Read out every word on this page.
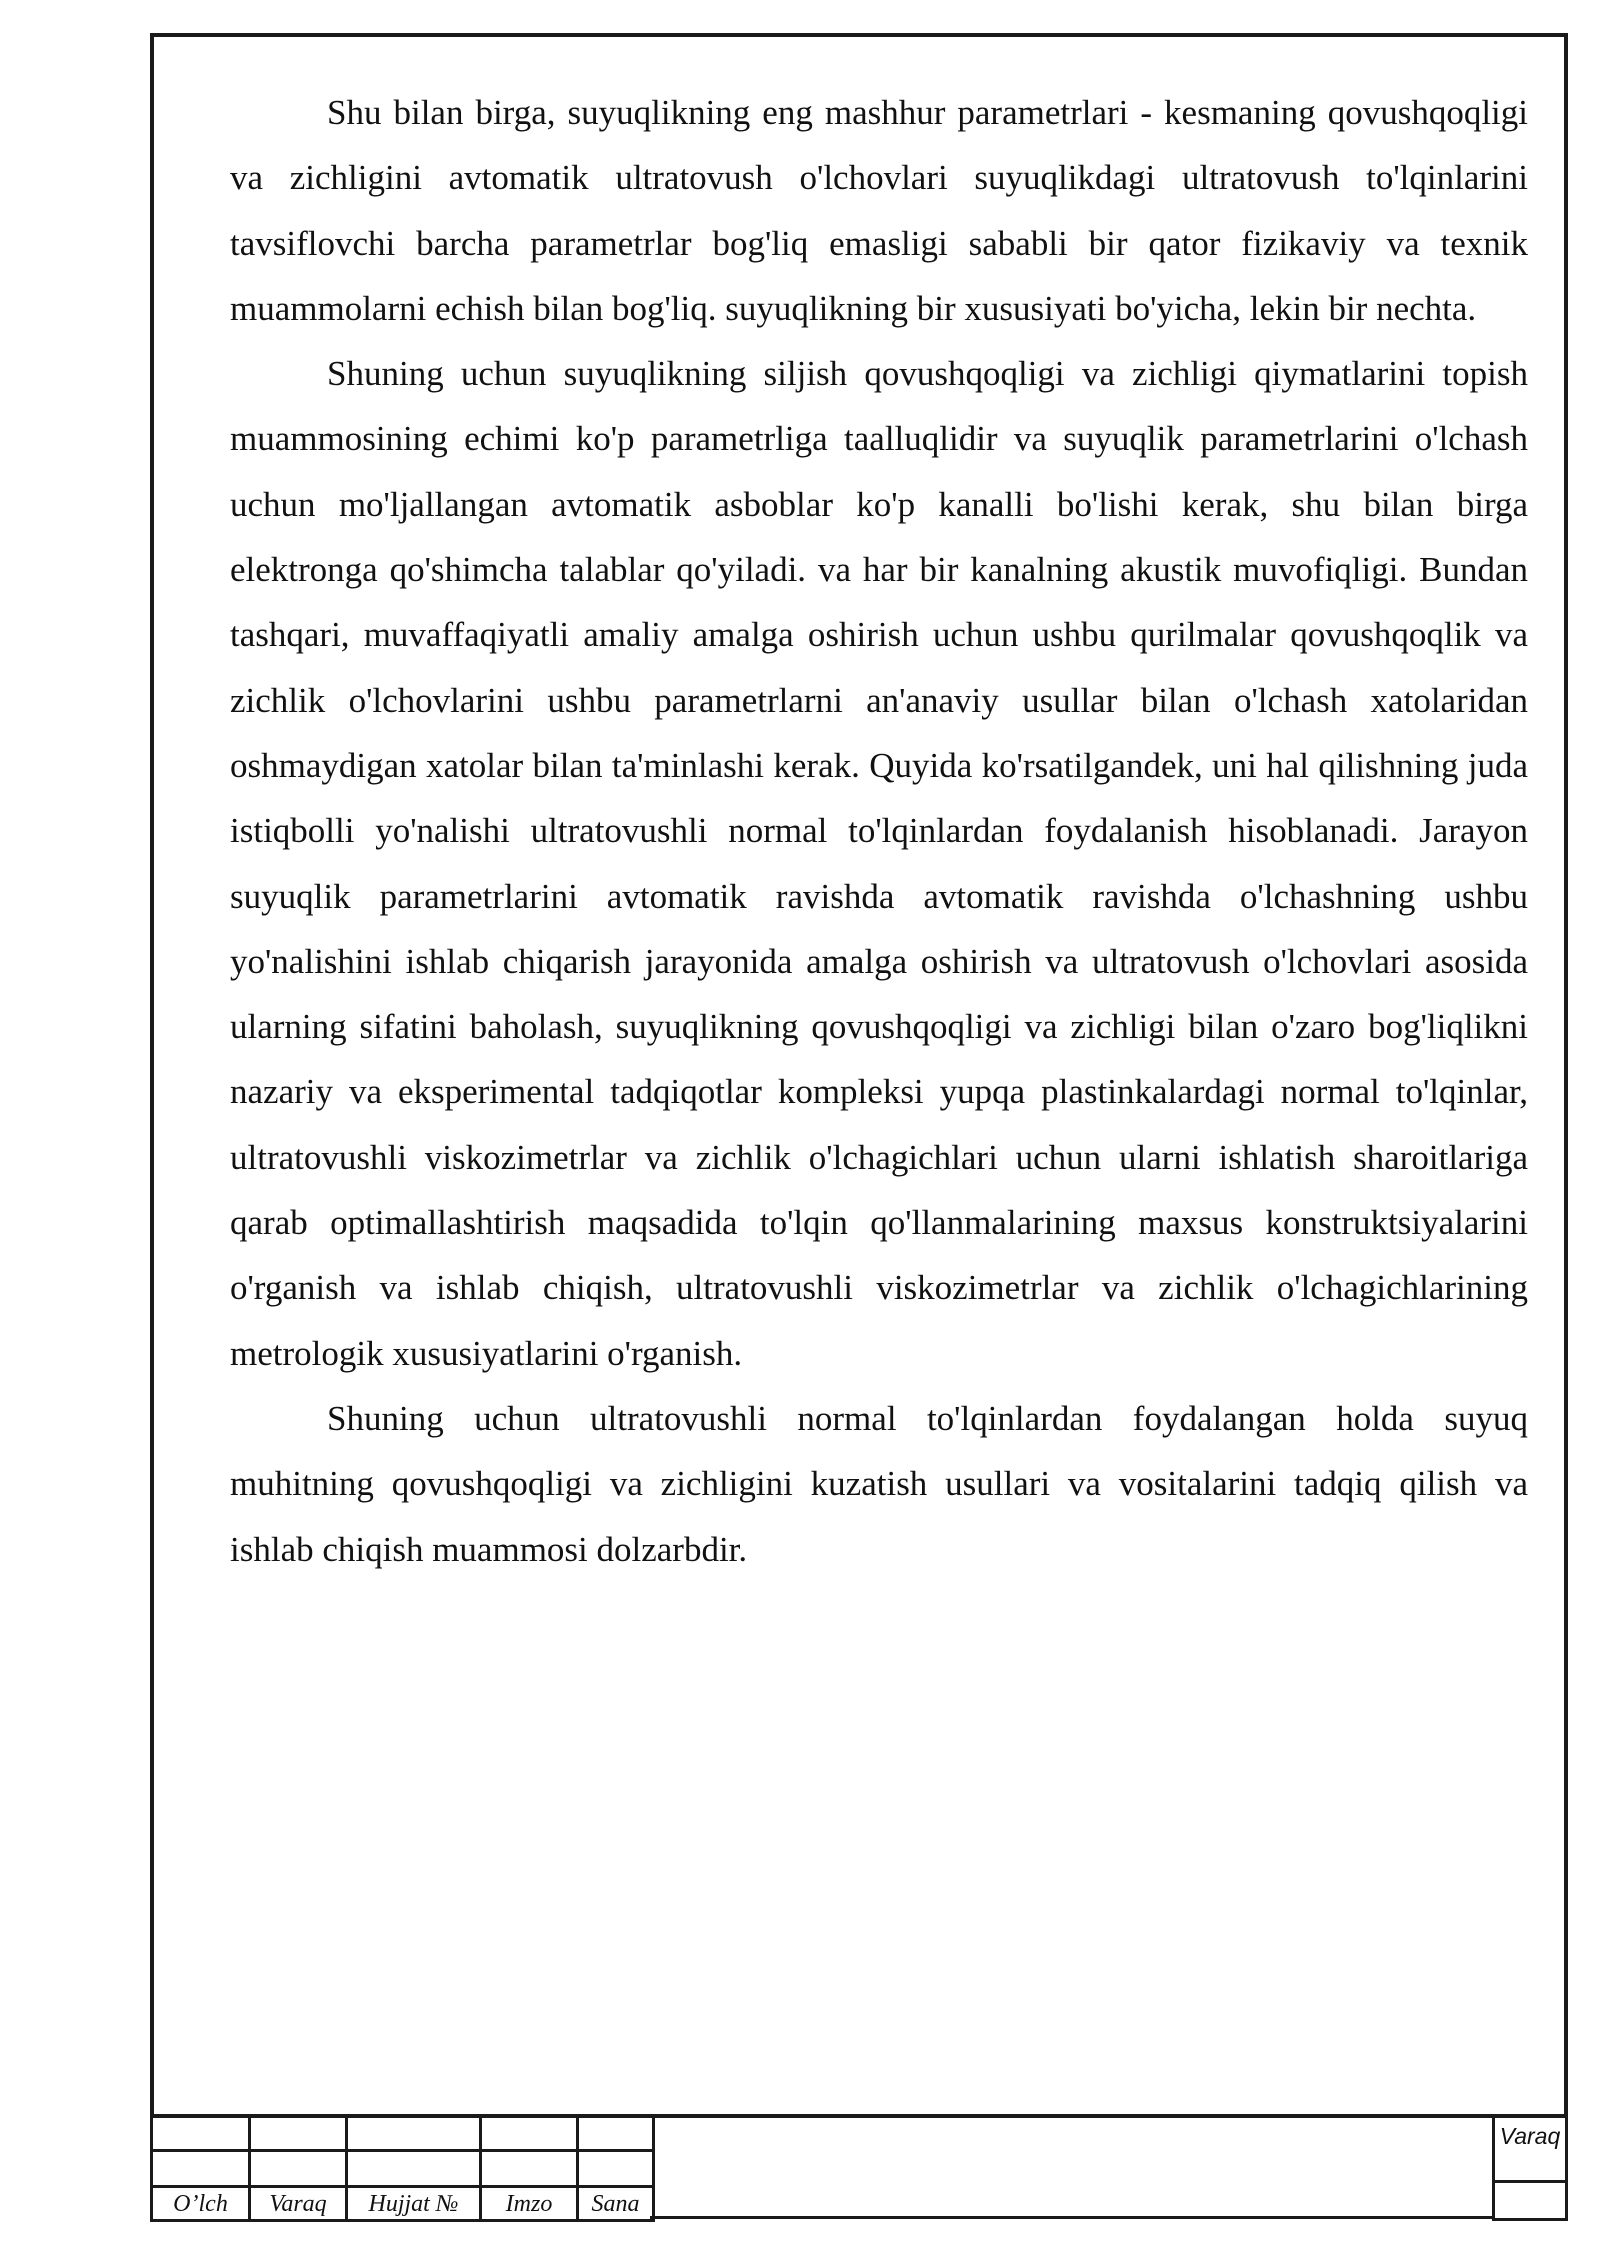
Shu bilan birga, suyuqlikning eng mashhur parametrlari - kesmaning qovushqoqligi va zichligini avtomatik ultratovush o'lchovlari suyuqlikdagi ultratovush to'lqinlarini tavsiflovchi barcha parametrlar bog'liq emasligi sababli bir qator fizikaviy va texnik muammolarni echish bilan bog'liq. suyuqlikning bir xususiyati bo'yicha, lekin bir nechta.

Shuning uchun suyuqlikning siljish qovushqoqligi va zichligi qiymatlarini topish muammosining echimi ko'p parametrliga taalluqlidir va suyuqlik parametrlarini o'lchash uchun mo'ljallangan avtomatik asboblar ko'p kanalli bo'lishi kerak, shu bilan birga elektronga qo'shimcha talablar qo'yiladi. va har bir kanalning akustik muvofiqligi. Bundan tashqari, muvaffaqiyatli amaliy amalga oshirish uchun ushbu qurilmalar qovushqoqlik va zichlik o'lchovlarini ushbu parametrlarni an'anaviy usullar bilan o'lchash xatolaridan oshmaydigan xatolar bilan ta'minlashi kerak. Quyida ko'rsatilgandek, uni hal qilishning juda istiqbolli yo'nalishi ultratovushli normal to'lqinlardan foydalanish hisoblanadi. Jarayon suyuqlik parametrlarini avtomatik ravishda avtomatik ravishda o'lchashning ushbu yo'nalishini ishlab chiqarish jarayonida amalga oshirish va ultratovush o'lchovlari asosida ularning sifatini baholash, suyuqlikning qovushqoqligi va zichligi bilan o'zaro bog'liqlikni nazariy va eksperimental tadqiqotlar kompleksi yupqa plastinkalardagi normal to'lqinlar, ultratovushli viskozimetrlar va zichlik o'lchagichlari uchun ularni ishlatish sharoitlariga qarab optimallashtirish maqsadida to'lqin qo'llanmalarining maxsus konstruktsiyalarini o'rganish va ishlab chiqish, ultratovushli viskozimetrlar va zichlik o'lchagichlarining metrologik xususiyatlarini o'rganish.

Shuning uchun ultratovushli normal to'lqinlardan foydalangan holda suyuq muhitning qovushqoqligi va zichligini kuzatish usullari va vositalarini tadqiq qilish va ishlab chiqish muammosi dolzarbdir.

O’lch	Varaq	Hujjat №	Imzo	Sana
Varaq
